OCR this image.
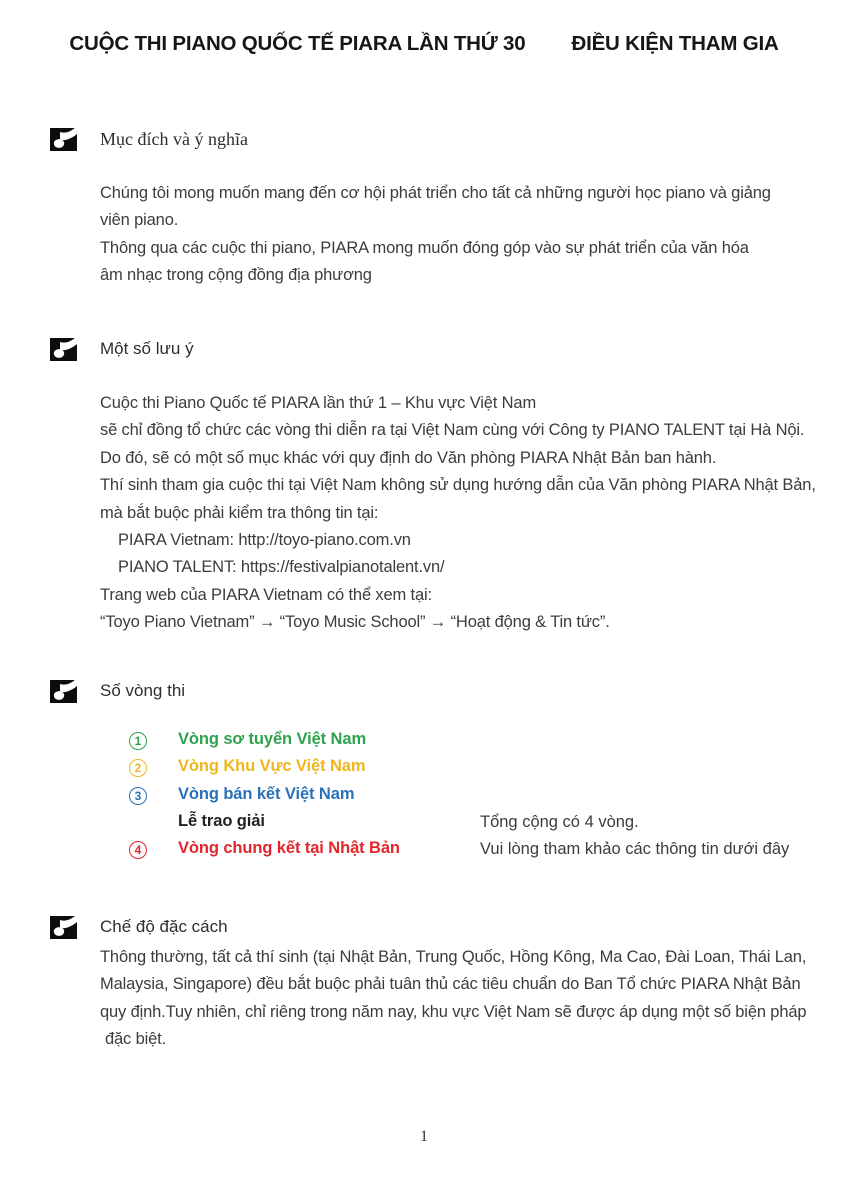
CUỘC THI PIANO QUỐC TẾ PIARA LẦN THỨ 30 ĐIỀU KIỆN THAM GIA
Mục đích và ý nghĩa
Chúng tôi mong muốn mang đến cơ hội phát triển cho tất cả những người học piano và giảng
viên piano.
Thông qua các cuộc thi piano, PIARA mong muốn đóng góp vào sự phát triển của văn hóa
âm nhạc trong cộng đồng địa phương
Một số lưu ý
Cuộc thi Piano Quốc tế PIARA lần thứ 1 – Khu vực Việt Nam
sẽ chỉ đồng tổ chức các vòng thi diễn ra tại Việt Nam cùng với Công ty PIANO TALENT tại Hà Nội.
Do đó, sẽ có một số mục khác với quy định do Văn phòng PIARA Nhật Bản ban hành.
Thí sinh tham gia cuộc thi tại Việt Nam không sử dụng hướng dẫn của Văn phòng PIARA Nhật Bản,
mà bắt buộc phải kiểm tra thông tin tại:
PIARA Vietnam: http://toyo-piano.com.vn
PIANO TALENT: https://festivalpianotalent.vn/
Trang web của PIARA Vietnam có thể xem tại:
“Toyo Piano Vietnam” → “Toyo Music School” → “Hoạt động & Tin tức”.
Số vòng thi
1	Vòng sơ tuyển Việt Nam
2	Vòng Khu Vực Việt Nam
3	Vòng bán kết Việt Nam
Lễ trao giải	Tổng cộng có 4 vòng.
4	Vòng chung kết tại Nhật Bản	Vui lòng tham khảo các thông tin dưới đây
Chế độ đặc cách
Thông thường, tất cả thí sinh (tại Nhật Bản, Trung Quốc, Hồng Kông, Ma Cao, Đài Loan, Thái Lan,
Malaysia, Singapore) đều bắt buộc phải tuân thủ các tiêu chuẩn do Ban Tổ chức PIARA Nhật Bản
quy định.Tuy nhiên, chỉ riêng trong năm nay, khu vực Việt Nam sẽ được áp dụng một số biện pháp
đặc biệt.
1
